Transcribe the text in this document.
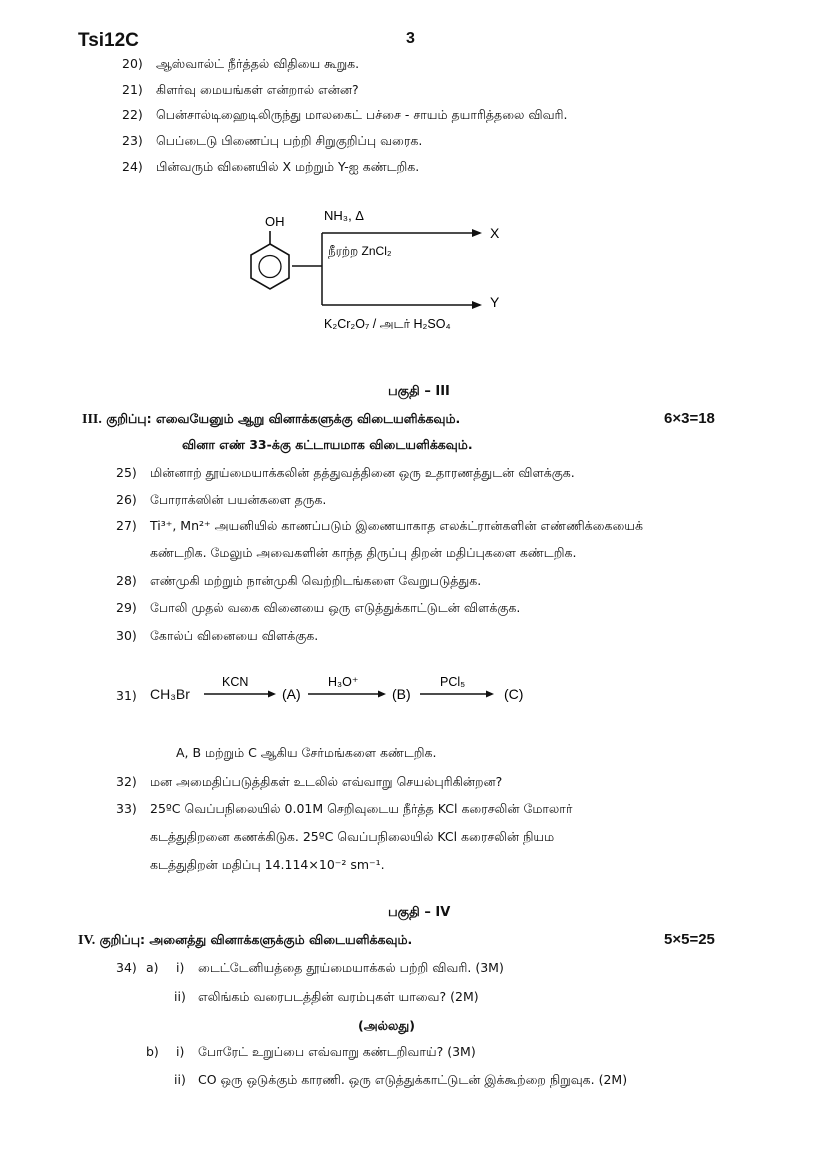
Tsi12C	3
20) ஆஸ்வால்ட் நீர்த்தல் விதியை கூறுக.
21) கிளர்வு மையங்கள் என்றால் என்ன?
22) பென்சால்டிஹைடிலிருந்து மாலகைட் பச்சை - சாயம் தயாரித்தலை விவரி.
23) பெப்டைடு பிணைப்பு பற்றி சிறுகுறிப்பு வரைக.
24) பின்வரும் வினையில் X மற்றும் Y-ஐ கண்டறிக.
OH	NH₃, Δ
நீரற்ற ZnCl₂
X
Y
K₂Cr₂O₇ / அடர் H₂SO₄
பகுதி – III
III. குறிப்பு: எவையேனும் ஆறு வினாக்களுக்கு விடையளிக்கவும்.	6×3=18
வினா எண் 33-க்கு கட்டாயமாக விடையளிக்கவும்.
25) மின்னாற் தூய்மையாக்கலின் தத்துவத்தினை ஒரு உதாரணத்துடன் விளக்குக.
26) போராக்ஸின் பயன்களை தருக.
27) Ti³⁺, Mn²⁺ அயனியில் காணப்படும் இணையாகாத எலக்ட்ரான்களின் எண்ணிக்கையைக்
கண்டறிக. மேலும் அவைகளின் காந்த திருப்பு திறன் மதிப்புகளை கண்டறிக.
28) எண்முகி மற்றும் நான்முகி வெற்றிடங்களை வேறுபடுத்துக.
29) போலி முதல் வகை வினையை ஒரு எடுத்துக்காட்டுடன் விளக்குக.
30) கோல்ப் வினையை விளக்குக.
31) CH₃Br
KCN
(A)
H₃O⁺
(B)
PCl₅
(C)
A, B மற்றும் C ஆகிய சேர்மங்களை கண்டறிக.
32) மன அமைதிப்படுத்திகள் உடலில் எவ்வாறு செயல்புரிகின்றன?
33) 25ºC வெப்பநிலையில் 0.01M செறிவுடைய நீர்த்த KCl கரைசலின் மோலார்
கடத்துதிறனை கணக்கிடுக. 25ºC வெப்பநிலையில் KCl கரைசலின் நியம
கடத்துதிறன் மதிப்பு 14.114×10⁻² sm⁻¹.
பகுதி – IV
IV. குறிப்பு: அனைத்து வினாக்களுக்கும் விடையளிக்கவும்.	5×5=25
34) a) i) டைட்டேனியத்தை தூய்மையாக்கல் பற்றி விவரி. (3M)
ii) எலிங்கம் வரைபடத்தின் வரம்புகள் யாவை? (2M)
(அல்லது)
b) i) போரேட் உறுப்பை எவ்வாறு கண்டறிவாய்? (3M)
ii) CO ஒரு ஒடுக்கும் காரணி. ஒரு எடுத்துக்காட்டுடன் இக்கூற்றை நிறுவுக. (2M)
